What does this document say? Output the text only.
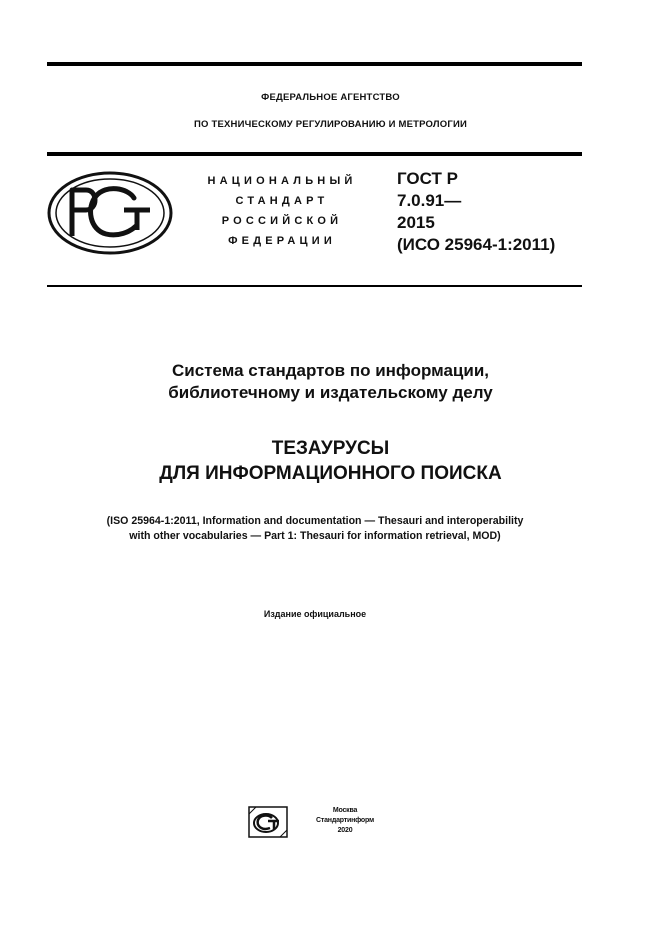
ФЕДЕРАЛЬНОЕ АГЕНТСТВО
ПО ТЕХНИЧЕСКОМУ РЕГУЛИРОВАНИЮ И МЕТРОЛОГИИ
НАЦИОНАЛЬНЫЙ
СТАНДАРТ
РОССИЙСКОЙ
ФЕДЕРАЦИИ
ГОСТ Р
7.0.91—
2015
(ИСО 25964-1:2011)
Система стандартов по информации,
библиотечному и издательскому делу
ТЕЗАУРУСЫ
ДЛЯ ИНФОРМАЦИОННОГО ПОИСКА
(ISO 25964-1:2011, Information and documentation — Thesauri and interoperability
with other vocabularies — Part 1: Thesauri for information retrieval, MOD)
Издание официальное
Москва
Стандартинформ
2020
